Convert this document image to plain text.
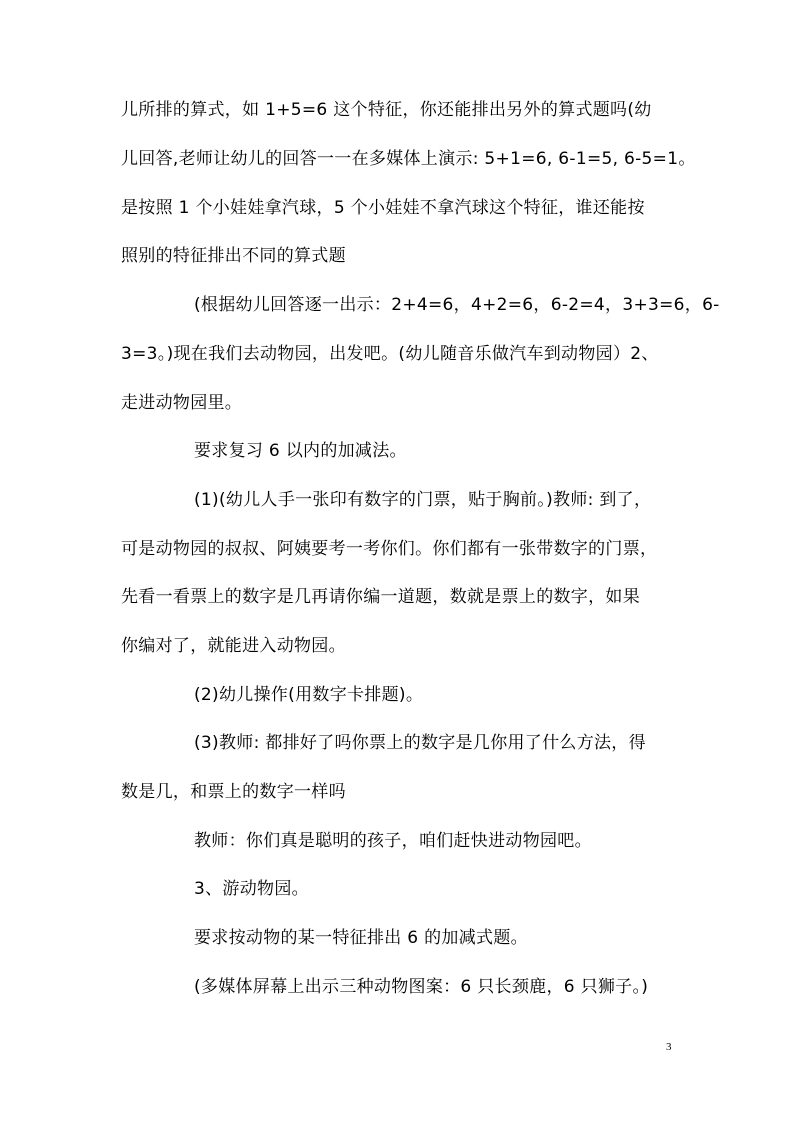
儿所排的算式，如 1+5=6 这个特征，你还能排出另外的算式题吗(幼
儿回答,老师让幼儿的回答一一在多媒体上演示: 5+1=6, 6-1=5, 6-5=1。
是按照 1 个小娃娃拿汽球，5 个小娃娃不拿汽球这个特征，谁还能按
照别的特征排出不同的算式题
(根据幼儿回答逐一出示：2+4=6，4+2=6，6-2=4，3+3=6，6-
3=3。)现在我们去动物园，出发吧。(幼儿随音乐做汽车到动物园）2、
走进动物园里。
要求复习 6 以内的加减法。
(1)(幼儿人手一张印有数字的门票，贴于胸前。)教师: 到了，
可是动物园的叔叔、阿姨要考一考你们。你们都有一张带数字的门票，
先看一看票上的数字是几再请你编一道题，数就是票上的数字，如果
你编对了，就能进入动物园。
(2)幼儿操作(用数字卡排题)。
(3)教师: 都排好了吗你票上的数字是几你用了什么方法，得
数是几，和票上的数字一样吗
教师：你们真是聪明的孩子，咱们赶快进动物园吧。
3、游动物园。
要求按动物的某一特征排出 6 的加减式题。
(多媒体屏幕上出示三种动物图案：6 只长颈鹿，6 只狮子。)
3
